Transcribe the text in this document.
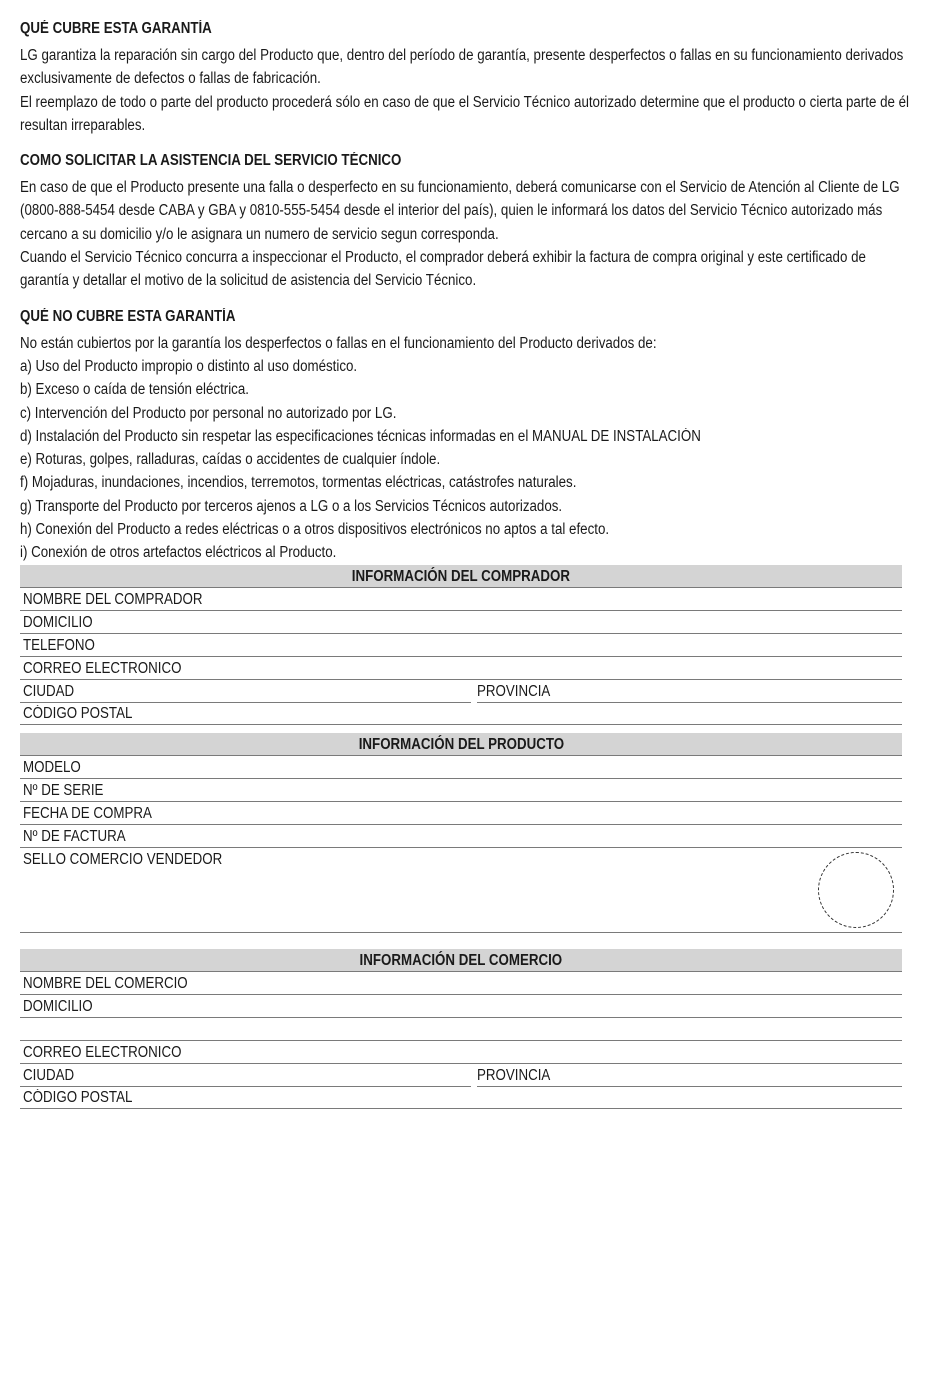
QUÉ CUBRE ESTA GARANTÍA
LG garantiza la reparación sin cargo del Producto que, dentro del período de garantía, presente desperfectos o fallas en su funcionamiento derivados
exclusivamente de defectos o fallas de fabricación.
El reemplazo de todo o parte del producto procederá sólo en caso de que el Servicio Técnico autorizado determine que el producto o cierta parte de él
resultan irreparables.
COMO SOLICITAR LA ASISTENCIA DEL SERVICIO TÉCNICO
En caso de que el Producto presente una falla o desperfecto en su funcionamiento, deberá comunicarse con el Servicio de Atención al Cliente de LG
(0800-888-5454 desde CABA y GBA y 0810-555-5454 desde el interior del país), quien le informará los datos del Servicio Técnico autorizado más
cercano a su domicilio y/o le asignara un numero de servicio segun corresponda.
Cuando el Servicio Técnico concurra a inspeccionar el Producto, el comprador deberá exhibir la factura de compra original y este certificado de
garantía y detallar el motivo de la solicitud de asistencia del Servicio Técnico.
QUÉ NO CUBRE ESTA GARANTÍA
No están cubiertos por la garantía los desperfectos o fallas en el funcionamiento del Producto derivados de:
a) Uso del Producto impropio o distinto al uso doméstico.
b) Exceso o caída de tensión eléctrica.
c) Intervención del Producto por personal no autorizado por LG.
d) Instalación del Producto sin respetar las especificaciones técnicas informadas en el MANUAL DE INSTALACIÓN
e) Roturas, golpes, ralladuras, caídas o accidentes de cualquier índole.
f) Mojaduras, inundaciones, incendios, terremotos, tormentas eléctricas, catástrofes naturales.
g) Transporte del Producto por terceros ajenos a LG o a los Servicios Técnicos autorizados.
h) Conexión del Producto a redes eléctricas o a otros dispositivos electrónicos no aptos a tal efecto.
i) Conexión de otros artefactos eléctricos al Producto.
INFORMACIÓN DEL COMPRADOR
NOMBRE DEL COMPRADOR
DOMICILIO
TELEFONO
CORREO ELECTRONICO
CIUDAD	PROVINCIA
CÓDIGO POSTAL
INFORMACIÓN DEL PRODUCTO
MODELO
Nº DE SERIE
FECHA DE COMPRA
Nº DE FACTURA
SELLO COMERCIO VENDEDOR
INFORMACIÓN DEL COMERCIO
NOMBRE DEL COMERCIO
DOMICILIO
CORREO ELECTRONICO
CIUDAD	PROVINCIA
CÓDIGO POSTAL
